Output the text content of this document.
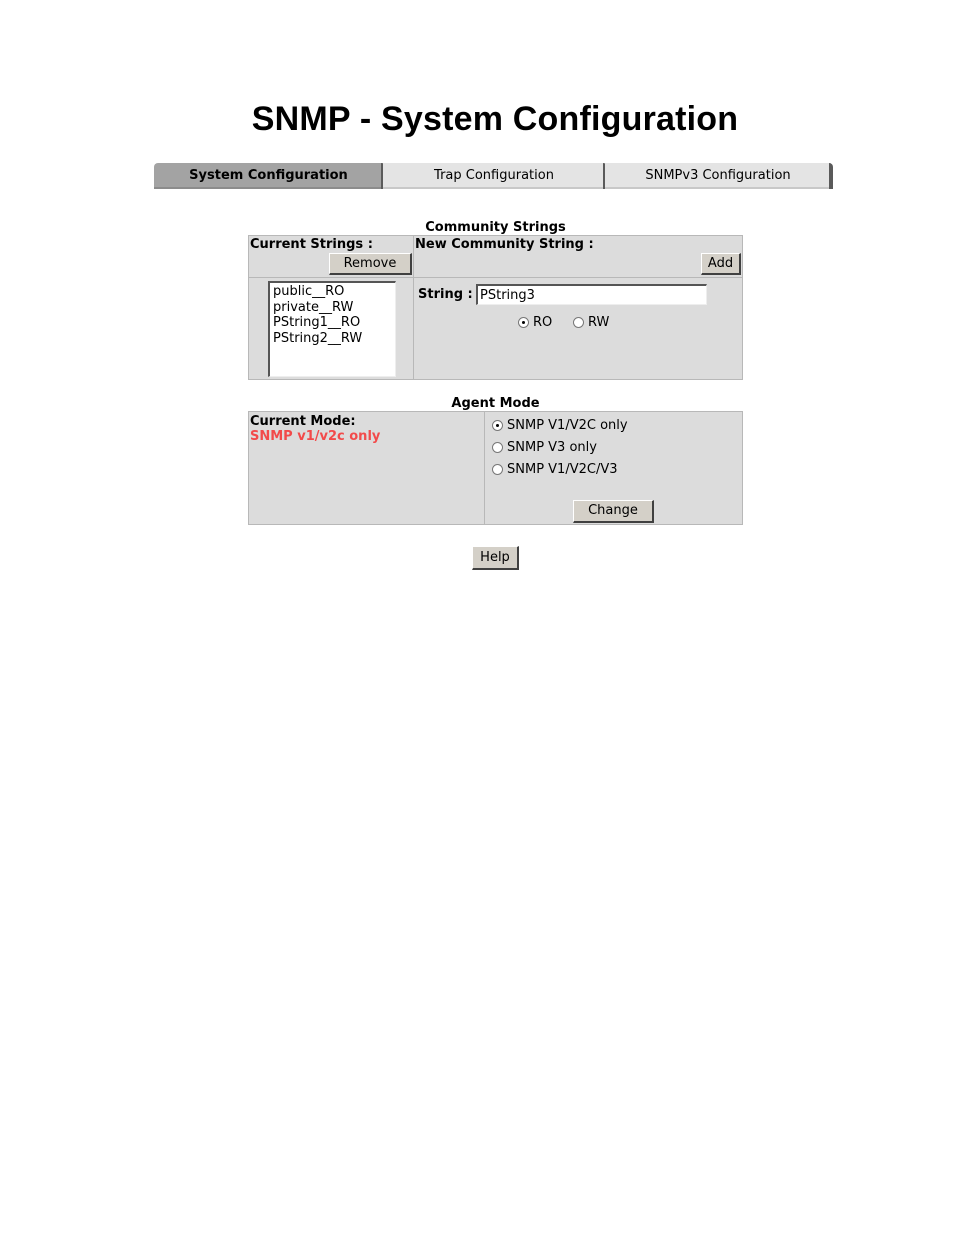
SNMP - System Configuration
System Configuration	Trap Configuration	SNMPv3 Configuration
Community Strings
Current Strings :
Remove
New Community String :
Add
public__RO
private__RW
PString1__RO
PString2__RW
String :
PString3
RO	RW
Agent Mode
Current Mode:
SNMP v1/v2c only
SNMP V1/V2C only
SNMP V3 only
SNMP V1/V2C/V3
Change
Help
